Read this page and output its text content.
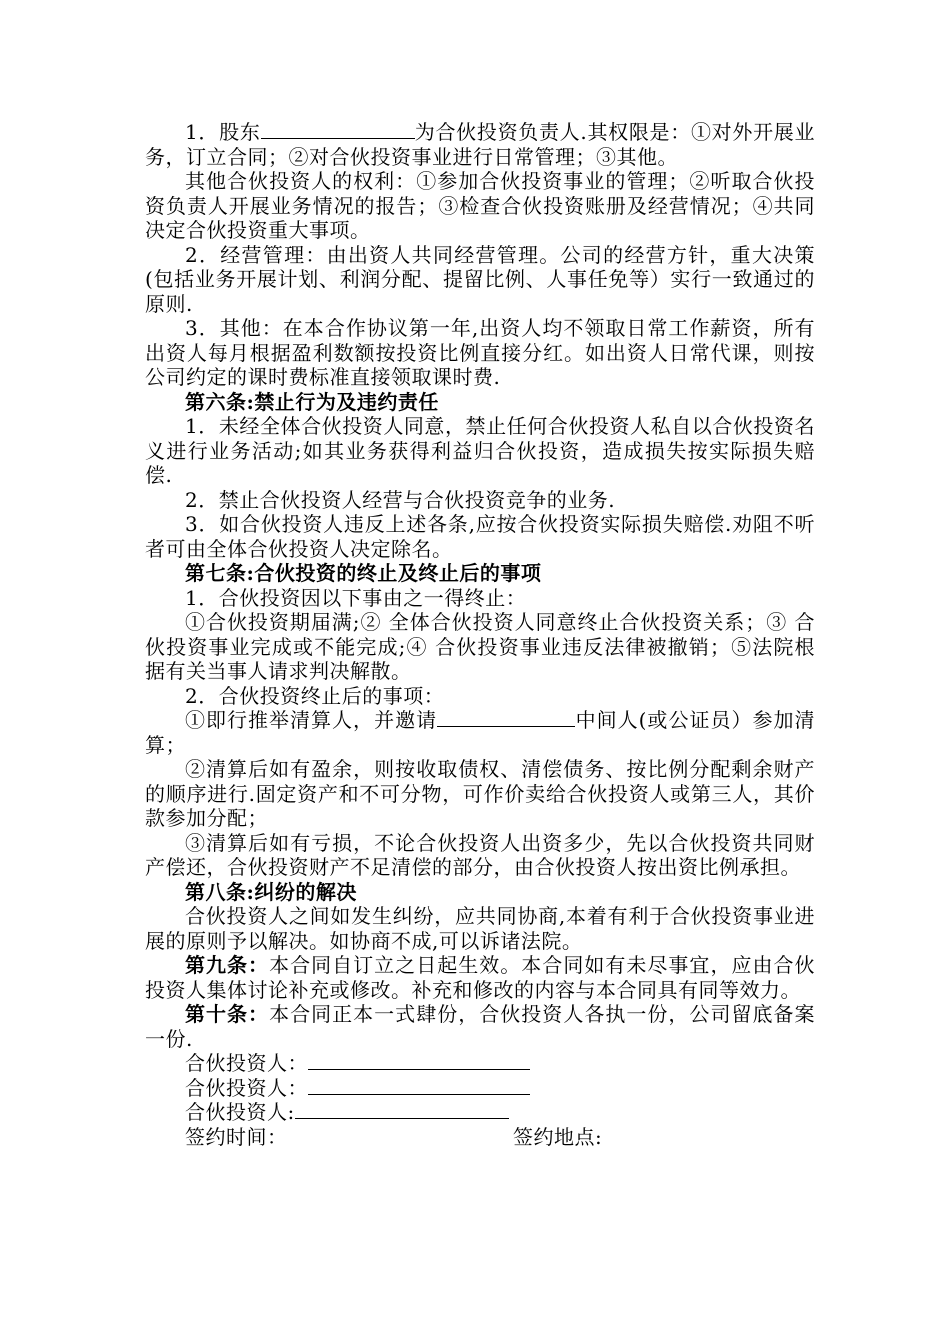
1．股东	为合伙投资负责人.其权限是：①对外开展业务，订立合同；②对合伙投资事业进行日常管理；③其他。

其他合伙投资人的权利：①参加合伙投资事业的管理；②听取合伙投资负责人开展业务情况的报告；③检查合伙投资账册及经营情况；④共同决定合伙投资重大事项。

2．经营管理：由出资人共同经营管理。公司的经营方针，重大决策(包括业务开展计划、利润分配、提留比例、人事任免等）实行一致通过的原则.

3．其他：在本合作协议第一年,出资人均不领取日常工作薪资，所有出资人每月根据盈利数额按投资比例直接分红。如出资人日常代课，则按公司约定的课时费标准直接领取课时费.

第六条:禁止行为及违约责任

1．未经全体合伙投资人同意，禁止任何合伙投资人私自以合伙投资名义进行业务活动;如其业务获得利益归合伙投资，造成损失按实际损失赔偿.

2．禁止合伙投资人经营与合伙投资竞争的业务.

3．如合伙投资人违反上述各条,应按合伙投资实际损失赔偿.劝阻不听者可由全体合伙投资人决定除名。

第七条:合伙投资的终止及终止后的事项

1．合伙投资因以下事由之一得终止：

①合伙投资期届满;② 全体合伙投资人同意终止合伙投资关系；③ 合伙投资事业完成或不能完成;④ 合伙投资事业违反法律被撤销；⑤法院根据有关当事人请求判决解散。

2．合伙投资终止后的事项：

①即行推举清算人，并邀请	中间人(或公证员）参加清算；

②清算后如有盈余，则按收取债权、清偿债务、按比例分配剩余财产的顺序进行.固定资产和不可分物，可作价卖给合伙投资人或第三人，其价款参加分配；

③清算后如有亏损，不论合伙投资人出资多少，先以合伙投资共同财产偿还，合伙投资财产不足清偿的部分，由合伙投资人按出资比例承担。

第八条:纠纷的解决

合伙投资人之间如发生纠纷，应共同协商,本着有利于合伙投资事业进展的原则予以解决。如协商不成,可以诉诸法院。

第九条：本合同自订立之日起生效。本合同如有未尽事宜，应由合伙投资人集体讨论补充或修改。补充和修改的内容与本合同具有同等效力。

第十条：本合同正本一式肆份，合伙投资人各执一份，公司留底备案一份.

合伙投资人：

合伙投资人：

合伙投资人:

签约时间：	签约地点:
